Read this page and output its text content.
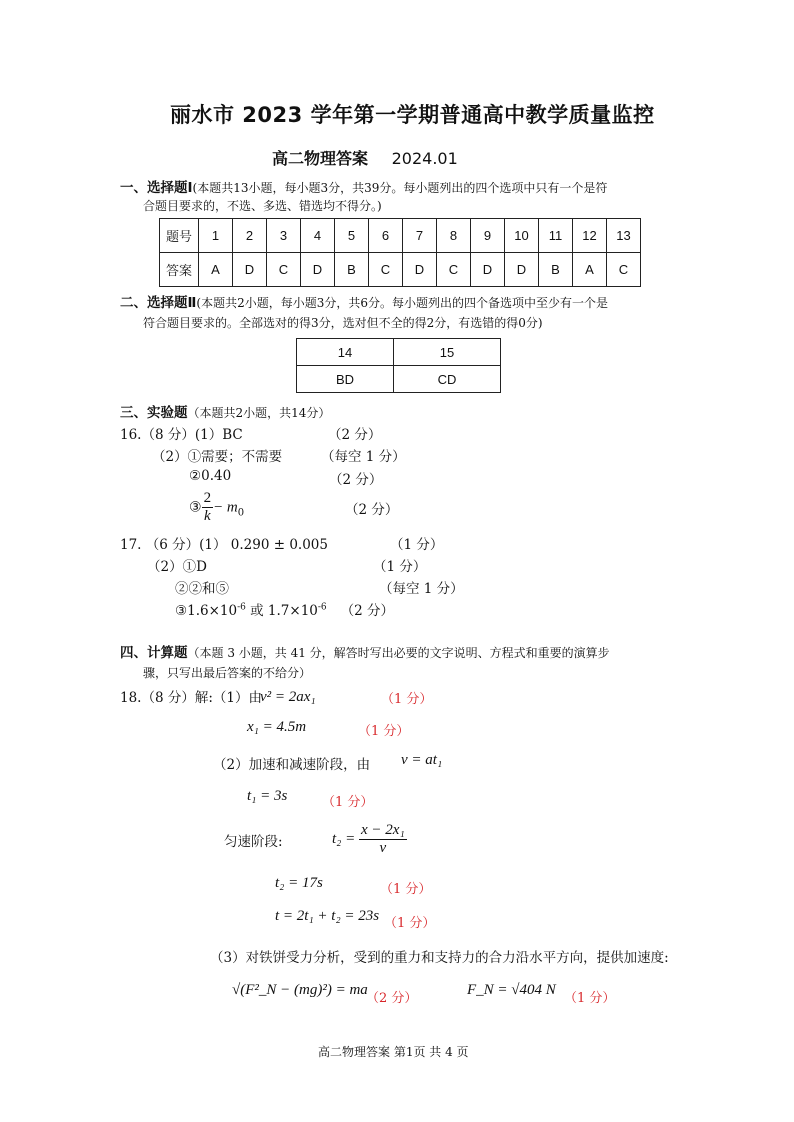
丽水市 2023 学年第一学期普通高中教学质量监控
高二物理答案 2024.01
一、选择题Ⅰ(本题共13小题，每小题3分，共39分。每小题列出的四个选项中只有一个是符
合题目要求的，不选、多选、错选均不得分。)
题号	1	2	3	4	5	6	7	8	9	10	11	12	13
答案	A	D	C	D	B	C	D	C	D	D	B	A	C
二、选择题Ⅱ(本题共2小题，每小题3分，共6分。每小题列出的四个备选项中至少有一个是
符合题目要求的。全部选对的得3分，选对但不全的得2分，有选错的得0分)
14	15
BD	CD
三、实验题（本题共2小题，共14分）
16.（8 分）(1）BC	（2 分）
（2）①需要；不需要	（每空 1 分）
②0.40	（2 分）
③ $\frac{2}{k} - m_0$	（2 分）
17. （6 分）(1） 0.290 ± 0.005	（1 分）
（2）①D	（1 分）
②②和⑤	（每空 1 分）
$③1.6\times 10^{-6}$ 或 $1.7\times 10^{-6}$ （2 分）
四、计算题（本题 3 小题，共 41 分，解答时写出必要的文字说明、方程式和重要的演算步
骤，只写出最后答案的不给分）
18.（8 分）解:（1）由
v² = 2ax₁	（1 分）
x₁ = 4.5m	（1 分）
（2）加速和减速阶段，由 v = at₁
t₁ = 3s	（1 分）
匀速阶段:	$t_2 = \frac{\text{x − 2x₁}}{v}$
t₂ = 17s	（1 分）
t = 2t₁ + t₂ = 23s （1 分）
（3）对铁饼受力分析，受到的重力和支持力的合力沿水平方向，提供加速度:
√(F²_N − (mg)²) = ma
（2 分）
F_N = √404 N
（1 分）
高二物理答案 第1页 共 4 页
